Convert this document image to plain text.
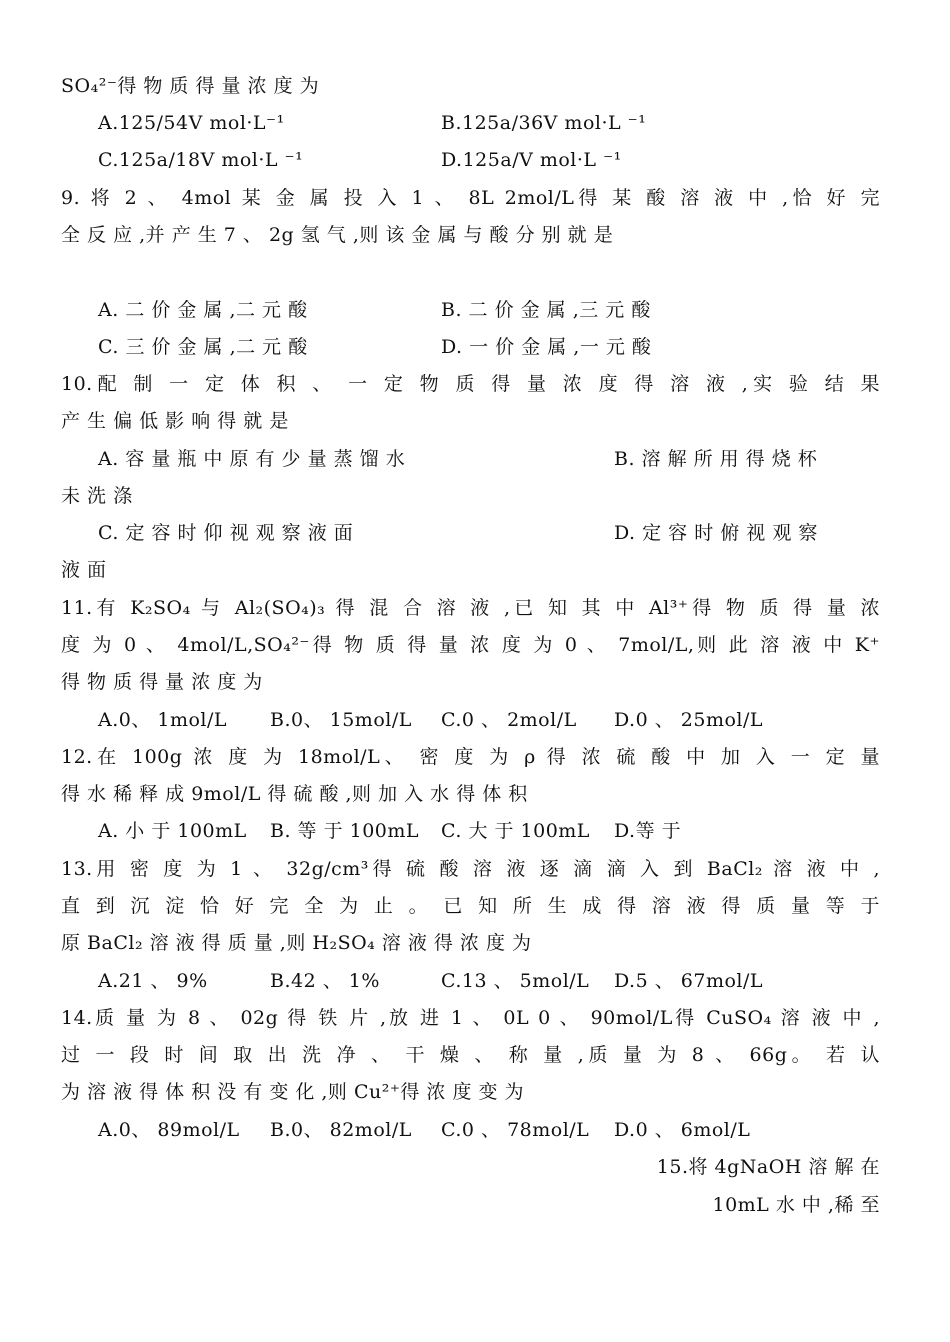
SO₄²⁻得 物 质 得 量 浓 度 为
A.125/54V mol·L⁻¹	B.125a/36V mol·L ⁻¹
C.125a/18V mol·L ⁻¹	D.125a/V mol·L ⁻¹
9. 将 2 、 4mol 某 金 属 投 入 1 、 8L 2mol/L得 某 酸 溶 液 中 ,恰 好 完
全 反 应 ,并 产 生 7 、 2g 氢 气 ,则 该 金 属 与 酸 分 别 就 是
A. 二 价 金 属 ,二 元 酸	B. 二 价 金 属 ,三 元 酸
C. 三 价 金 属 ,二 元 酸	D. 一 价 金 属 ,一 元 酸
10.配 制 一 定 体 积 、 一 定 物 质 得 量 浓 度 得 溶 液 ,实 验 结 果
产 生 偏 低 影 响 得 就 是
A. 容 量 瓶 中 原 有 少 量 蒸 馏 水	B. 溶 解 所 用 得 烧 杯
未 洗 涤
C. 定 容 时 仰 视 观 察 液 面	D. 定 容 时 俯 视 观 察
液 面
11.有 K₂SO₄ 与 Al₂(SO₄)₃ 得 混 合 溶 液 ,已 知 其 中 Al³⁺得 物 质 得 量 浓
度 为 0 、 4mol/L,SO₄²⁻得 物 质 得 量 浓 度 为 0 、 7mol/L,则 此 溶 液 中 K⁺
得 物 质 得 量 浓 度 为
A.0、 1mol/L B.0、 15mol/L C.0 、 2mol/L D.0 、 25mol/L
12.在 100g 浓 度 为 18mol/L、 密 度 为 ρ 得 浓 硫 酸 中 加 入 一 定 量
得 水 稀 释 成 9mol/L 得 硫 酸 ,则 加 入 水 得 体 积
A. 小 于 100mL B. 等 于 100mL C. 大 于 100mL D.等 于
13.用 密 度 为 1 、 32g/cm³得 硫 酸 溶 液 逐 滴 滴 入 到 BaCl₂ 溶 液 中 ,
直 到 沉 淀 恰 好 完 全 为 止 。 已 知 所 生 成 得 溶 液 得 质 量 等 于
原 BaCl₂ 溶 液 得 质 量 ,则 H₂SO₄ 溶 液 得 浓 度 为
A.21 、 9%	B.42 、 1%	C.13 、 5mol/L D.5 、 67mol/L
14.质 量 为 8 、 02g 得 铁 片 ,放 进 1 、 0L 0 、 90mol/L得 CuSO₄ 溶 液 中 ,
过 一 段 时 间 取 出 洗 净 、 干 燥 、 称 量 ,质 量 为 8 、 66g。 若 认
为 溶 液 得 体 积 没 有 变 化 ,则 Cu²⁺得 浓 度 变 为
A.0、 89mol/L B.0、 82mol/L C.0 、 78mol/L D.0 、 6mol/L
15.将 4gNaOH 溶 解 在
10mL 水 中 ,稀 至
